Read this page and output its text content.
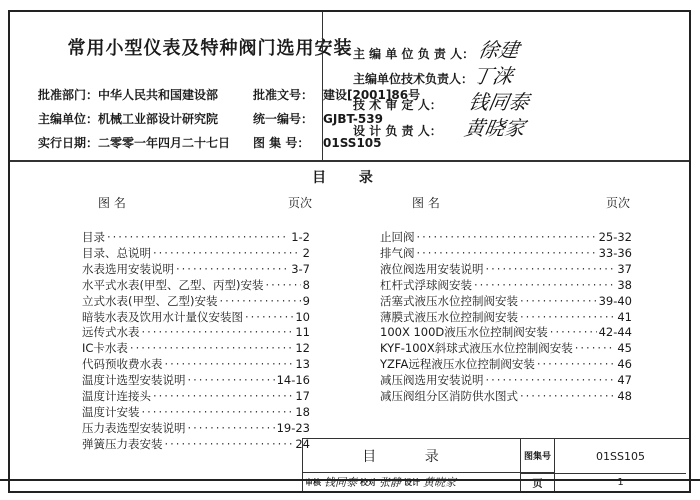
常用小型仪表及特种阀门选用安装
批准部门：中华人民共和国建设部
主编单位：机械工业部设计研究院
实行日期：二零零一年四月二十七日
批准文号： 建设[2001]86号
统一编号： GJBT-539
图 集 号： 01SS105
主 编 单 位 负 责 人： 徐建
主编单位技术负责人：
丁涞
技 术 审 定 人： 钱同泰
设 计 负 责 人： 黄晓家
目 录
图 名	页次	图 名	页次
目录 ·····	1-2
目录、总说明 ·····	2
水表选用安装说明 ·····	3-7
水平式水表(甲型、乙型、丙型)安装 ·····	8
立式水表(甲型、乙型)安装 ·····	9
暗装水表及饮用水计量仪安装图 ·····	10
远传式水表 ·····	11
IC卡水表 ·····	12
代码预收费水表 ·····	13
温度计选型安装说明 ·····	14-16
温度计连接头 ·····	17
温度计安装 ·····	18
压力表选型安装说明 ·····	19-23
弹簧压力表安装 ·····	24
止回阀 ·····	25-32
排气阀 ·····	33-36
液位阀选用安装说明 ·····	37
杠杆式浮球阀安装 ·····	38
活塞式液压水位控制阀安装 ·····	39-40
薄膜式液压水位控制阀安装 ·····	41
100X 100D液压水位控制阀安装 ·····	42-44
KYF-100X斜球式液压水位控制阀安装 ·····	45
YZFA远程液压水位控制阀安装 ·····	46
减压阀选用安装说明 ·····	47
减压阀组分区消防供水图式 ·····	48
目 录	图集号	01SS105
审核 钱同泰 校对 张静 设计 黄晓家	页	1
